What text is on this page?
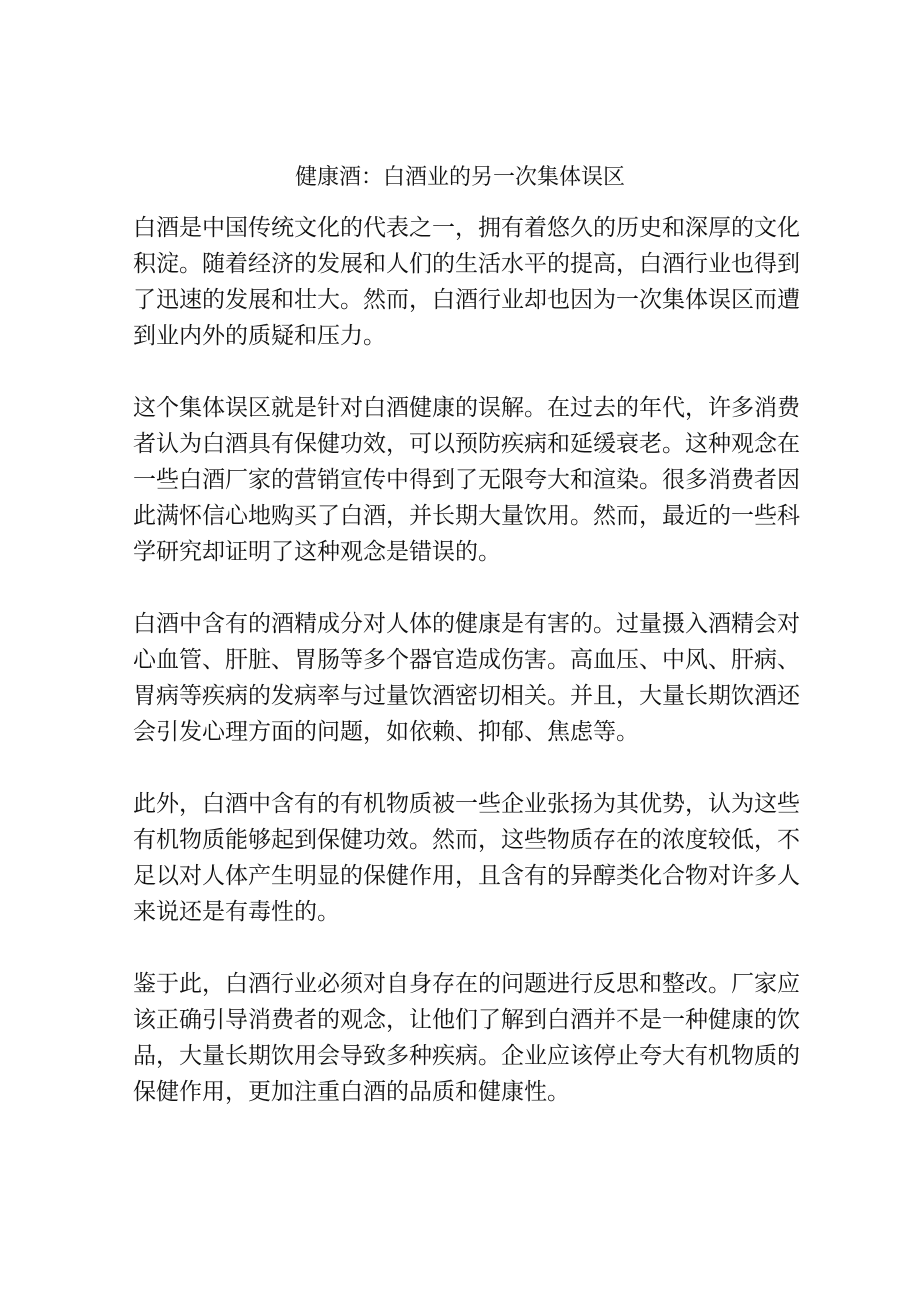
健康酒：白酒业的另一次集体误区

白酒是中国传统文化的代表之一，拥有着悠久的历史和深厚的文化
积淀。随着经济的发展和人们的生活水平的提高，白酒行业也得到
了迅速的发展和壮大。然而，白酒行业却也因为一次集体误区而遭
到业内外的质疑和压力。

这个集体误区就是针对白酒健康的误解。在过去的年代，许多消费
者认为白酒具有保健功效，可以预防疾病和延缓衰老。这种观念在
一些白酒厂家的营销宣传中得到了无限夸大和渲染。很多消费者因
此满怀信心地购买了白酒，并长期大量饮用。然而，最近的一些科
学研究却证明了这种观念是错误的。

白酒中含有的酒精成分对人体的健康是有害的。过量摄入酒精会对
心血管、肝脏、胃肠等多个器官造成伤害。高血压、中风、肝病、
胃病等疾病的发病率与过量饮酒密切相关。并且，大量长期饮酒还
会引发心理方面的问题，如依赖、抑郁、焦虑等。

此外，白酒中含有的有机物质被一些企业张扬为其优势，认为这些
有机物质能够起到保健功效。然而，这些物质存在的浓度较低，不
足以对人体产生明显的保健作用，且含有的异醇类化合物对许多人
来说还是有毒性的。

鉴于此，白酒行业必须对自身存在的问题进行反思和整改。厂家应
该正确引导消费者的观念，让他们了解到白酒并不是一种健康的饮
品，大量长期饮用会导致多种疾病。企业应该停止夸大有机物质的
保健作用，更加注重白酒的品质和健康性。
